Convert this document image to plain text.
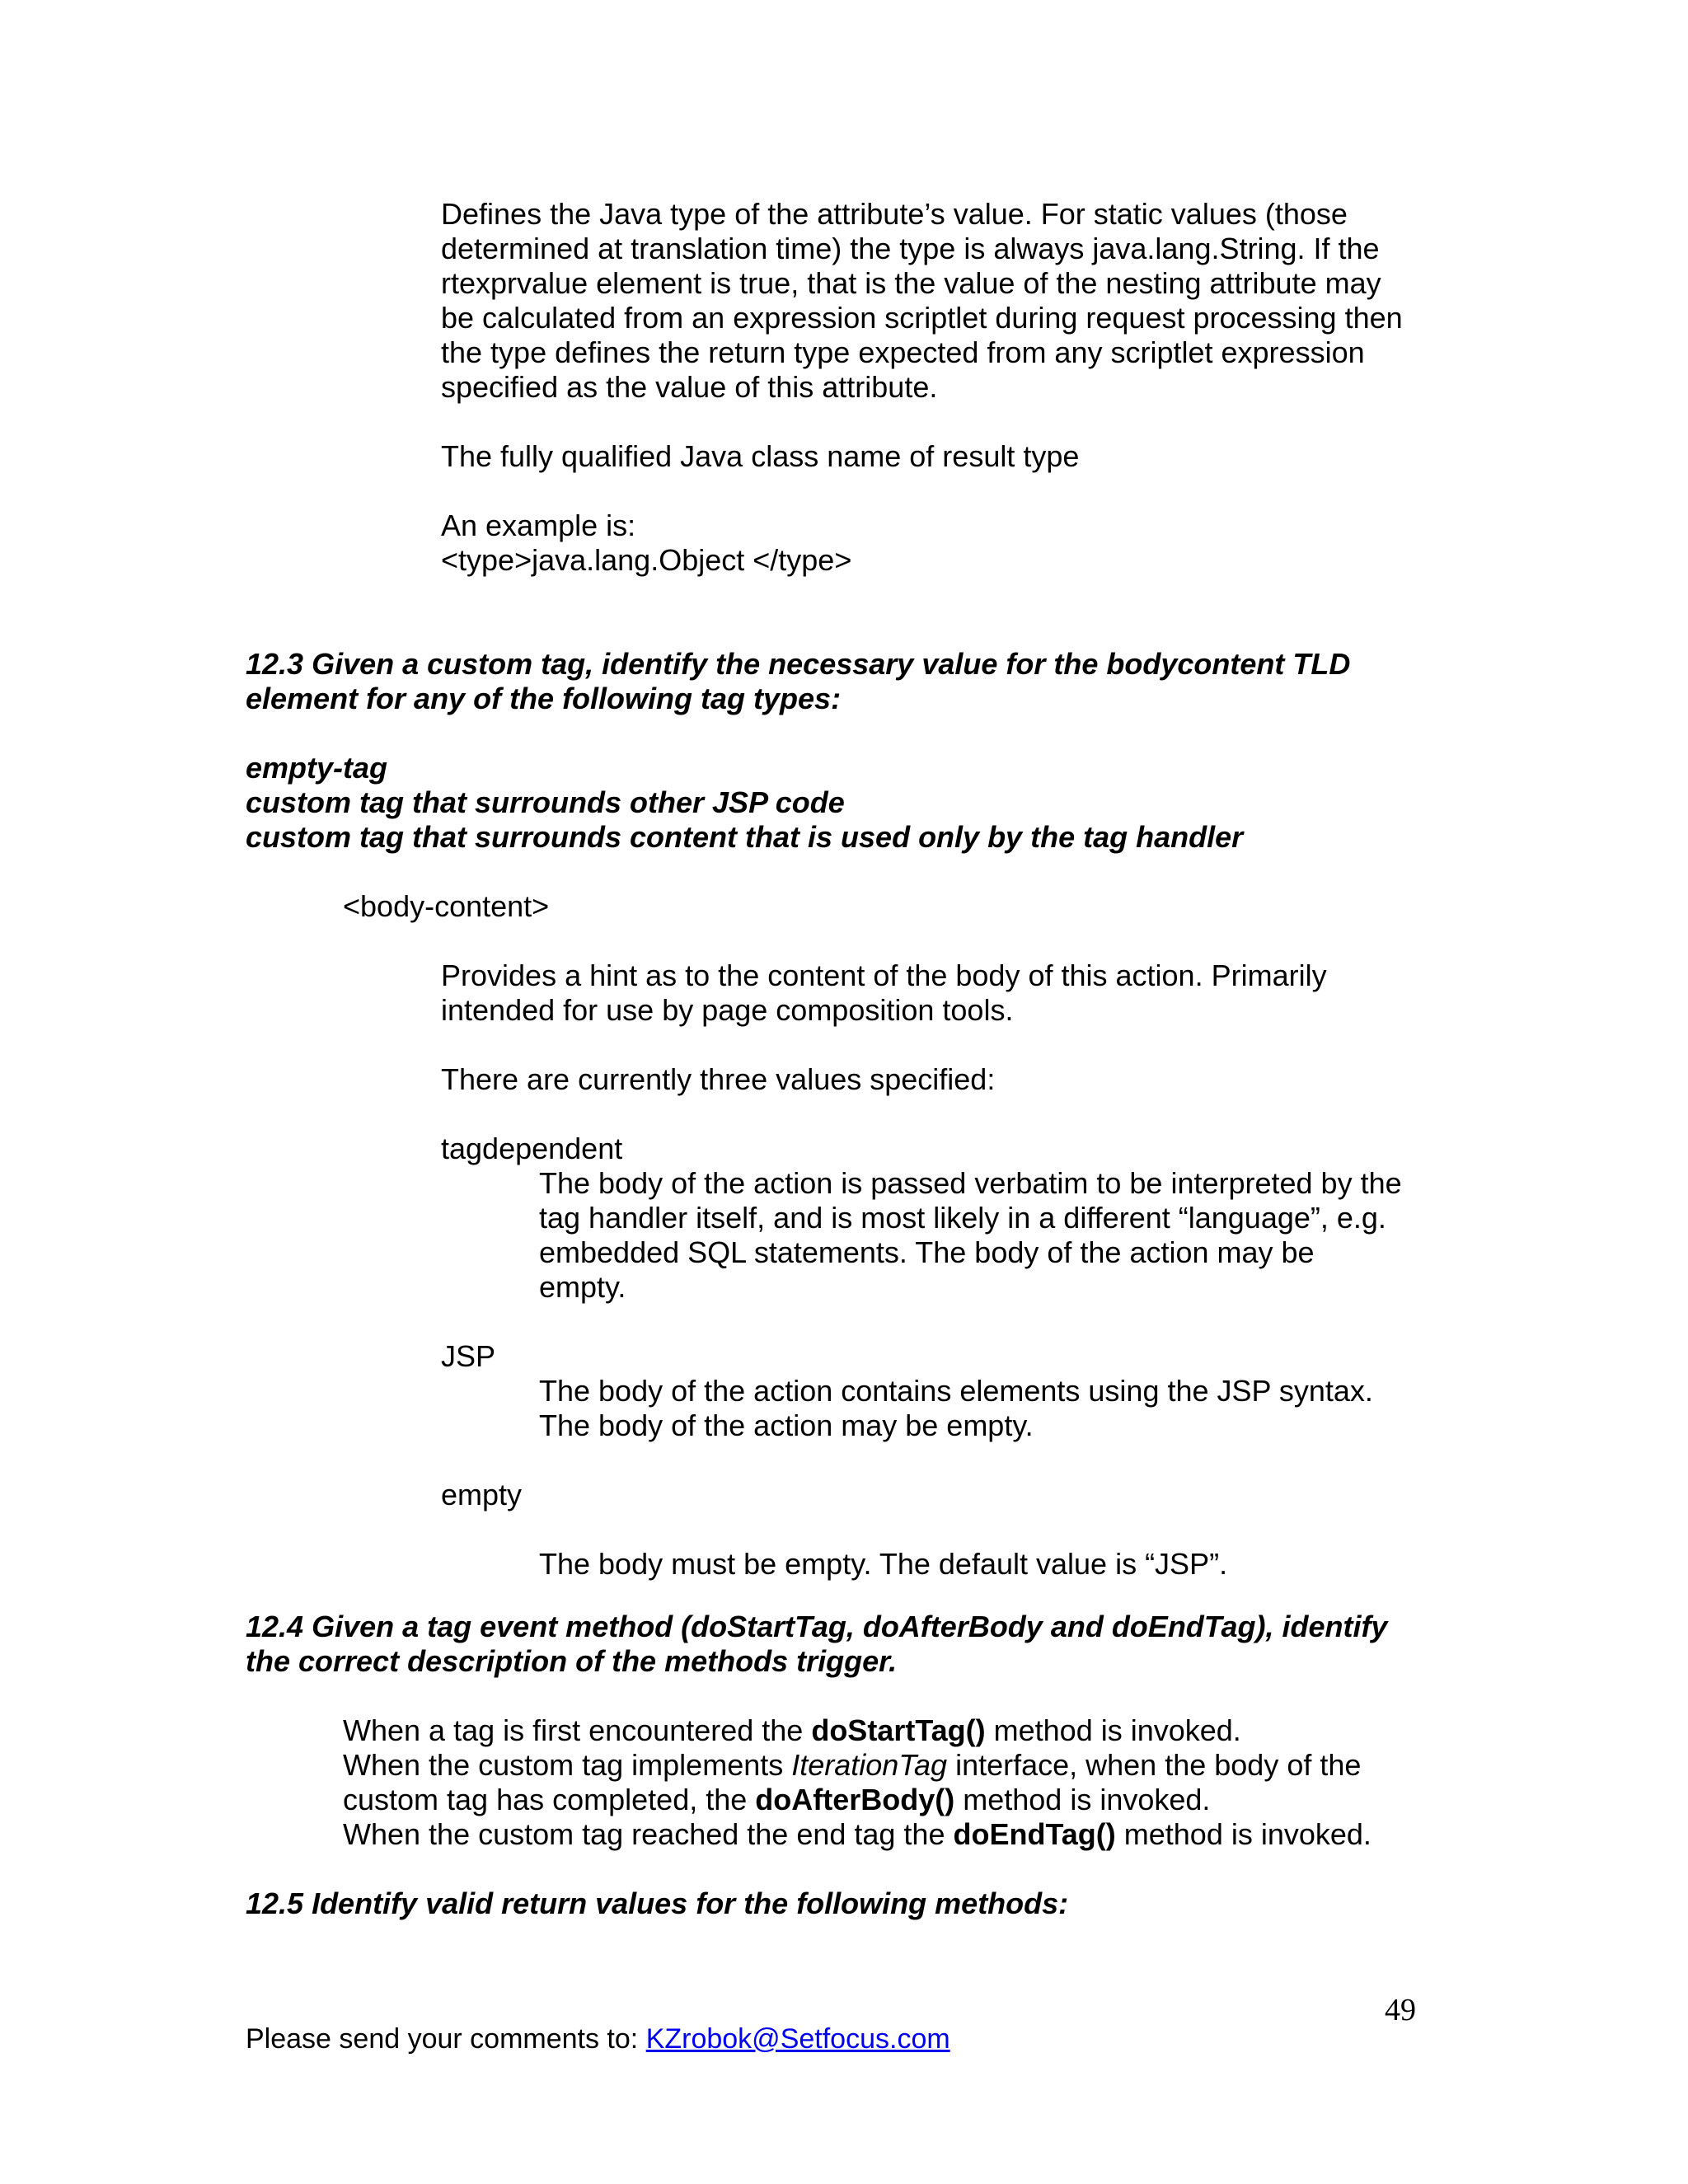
Defines the Java type of the attribute’s value. For static values (those

determined at translation time) the type is always java.lang.String. If the

rtexprvalue element is true, that is the value of the nesting attribute may

be calculated from an expression scriptlet during request processing then

the type defines the return type expected from any scriptlet expression

specified as the value of this attribute.

The fully qualified Java class name of result type

An example is:

<type>java.lang.Object </type>

12.3 Given a custom tag, identify the necessary value for the bodycontent TLD

element for any of the following tag types:

empty-tag

custom tag that surrounds other JSP code

custom tag that surrounds content that is used only by the tag handler

<body-content>

Provides a hint as to the content of the body of this action. Primarily

intended for use by page composition tools.

There are currently three values specified:

tagdependent

The body of the action is passed verbatim to be interpreted by the

tag handler itself, and is most likely in a different “language”, e.g.

embedded SQL statements. The body of the action may be

empty.

JSP

The body of the action contains elements using the JSP syntax.

The body of the action may be empty.

empty

The body must be empty. The default value is “JSP”.

12.4 Given a tag event method (doStartTag, doAfterBody and doEndTag), identify

the correct description of the methods trigger.

When a tag is first encountered the doStartTag() method is invoked.

When the custom tag implements IterationTag interface, when the body of the

custom tag has completed, the doAfterBody() method is invoked.

When the custom tag reached the end tag the doEndTag() method is invoked.

12.5 Identify valid return values for the following methods:

49

Please send your comments to: KZrobok@Setfocus.com
